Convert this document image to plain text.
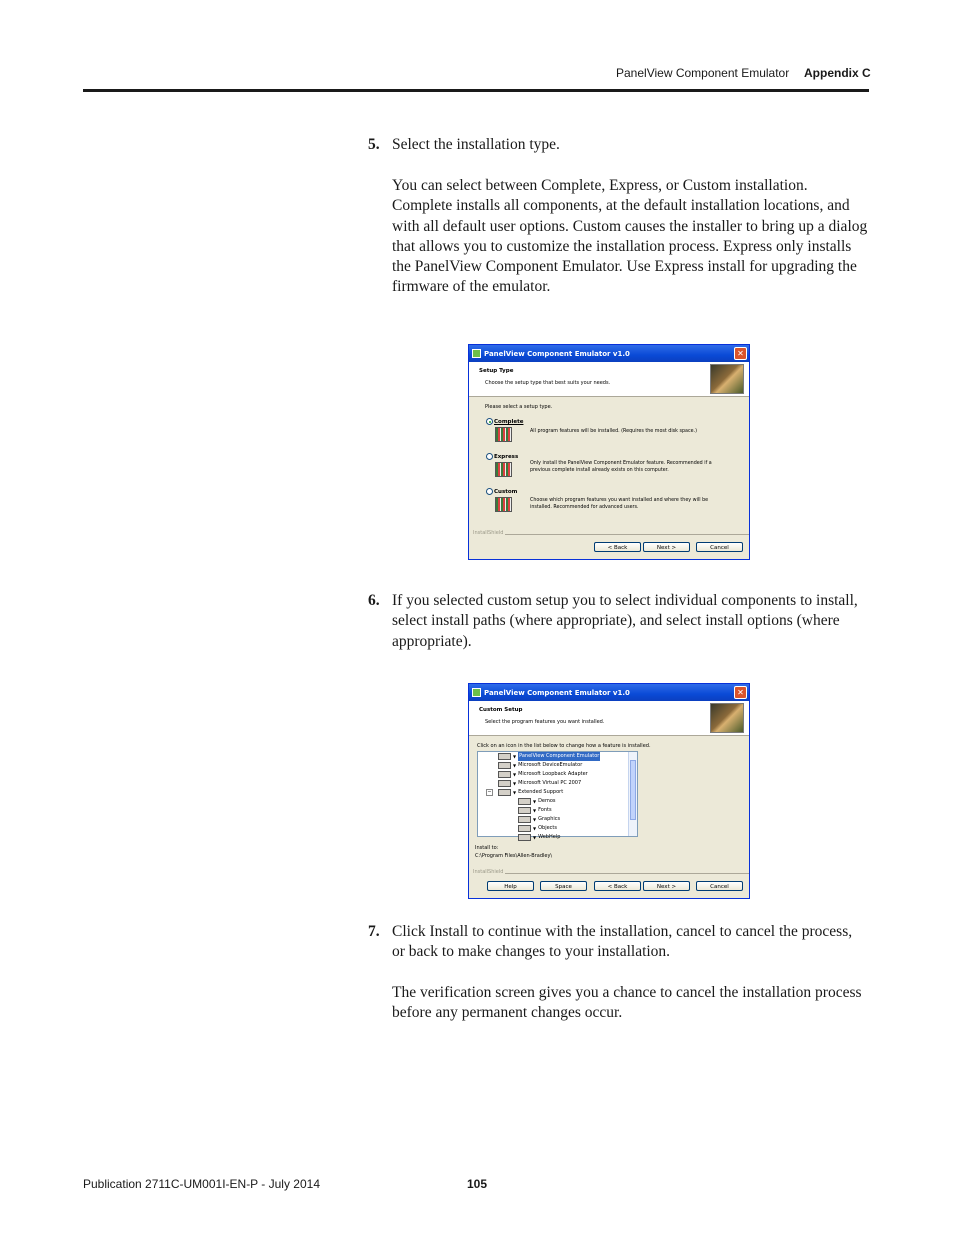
PanelView Component Emulator Appendix C
5. Select the installation type.
You can select between Complete, Express, or Custom installation. Complete installs all components, at the default installation locations, and with all default user options. Custom causes the installer to bring up a dialog that allows you to customize the installation process. Express only installs the PanelView Component Emulator. Use Express install for upgrading the firmware of the emulator.
PanelView Component Emulator v1.0	✕
Setup Type
Choose the setup type that best suits your needs.
Please select a setup type.
Complete
All program features will be installed. (Requires the most disk space.)
Express
Only install the PanelView Component Emulator feature. Recommended if a previous complete install already exists on this computer.
Custom
Choose which program features you want installed and where they will be installed. Recommended for advanced users.
InstallShield
< Back	Next >	Cancel
6. If you selected custom setup you to select individual components to install, select install paths (where appropriate), and select install options (where appropriate).
PanelView Component Emulator v1.0	✕
Custom Setup
Select the program features you want installed.
Click on an icon in the list below to change how a feature is installed.
▼ PanelView Component Emulator
▼ Microsoft DeviceEmulator
▼ Microsoft Loopback Adapter
▼ Microsoft Virtual PC 2007
−	▼ Extended Support
▼ Demos
▼ Fonts
▼ Graphics
▼ Objects
▼ WebHelp
Install to:
C:\Program Files\Allen-Bradley\
InstallShield
Help	Space	< Back	Next >	Cancel
7. Click Install to continue with the installation, cancel to cancel the process, or back to make changes to your installation.
The verification screen gives you a chance to cancel the installation process before any permanent changes occur.
Publication 2711C-UM001I-EN-P - July 2014	105
